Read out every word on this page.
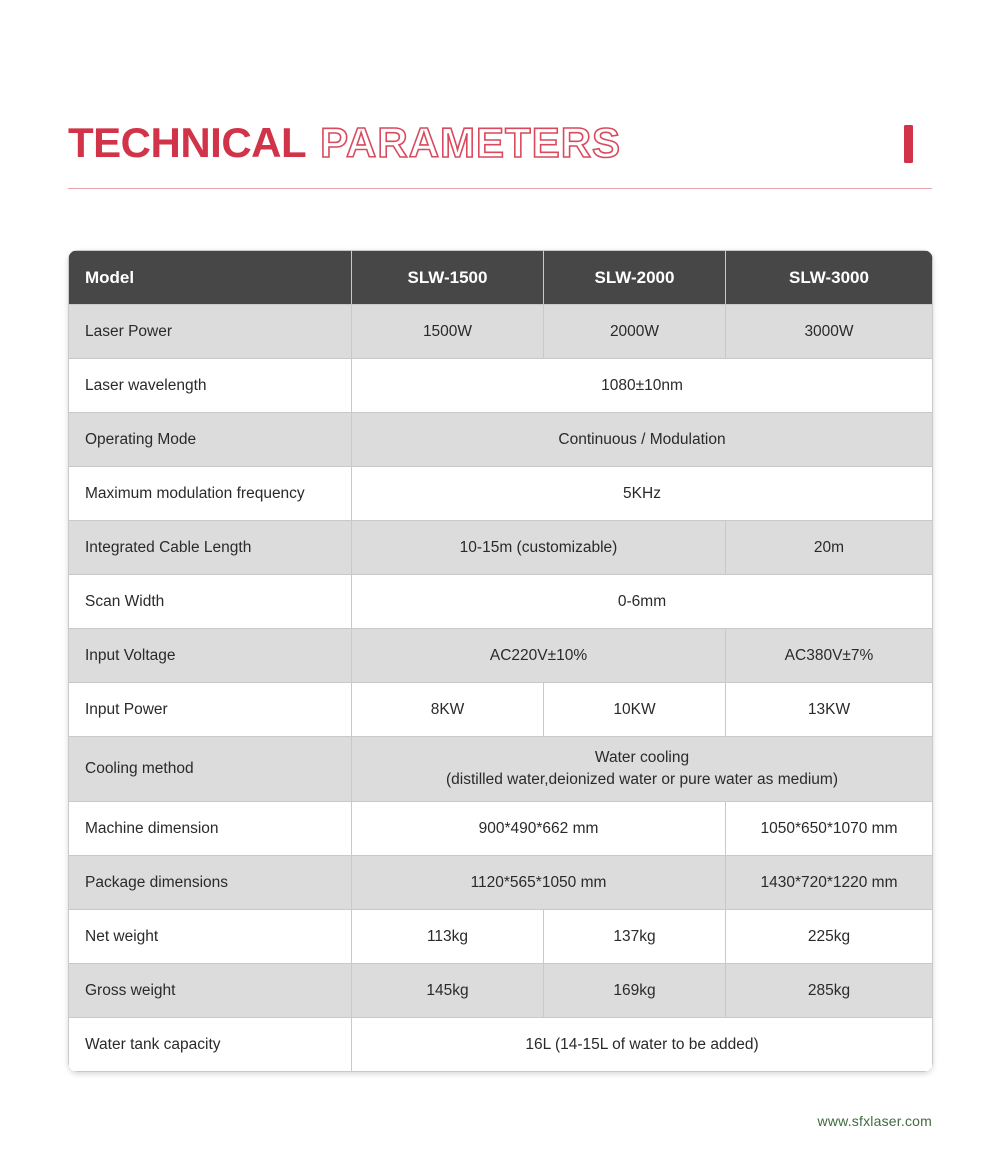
TECHNICAL PARAMETERS
Model	SLW-1500	SLW-2000	SLW-3000
Laser Power	1500W	2000W	3000W
Laser wavelength	1080±10nm		
Operating Mode	Continuous / Modulation		
Maximum modulation frequency	5KHz		
Integrated Cable Length	10-15m (customizable)		20m
Scan Width	0-6mm		
Input Voltage	AC220V±10%		AC380V±7%
Input Power	8KW	10KW	13KW
Cooling method	Water cooling
(distilled water,deionized water or pure water as medium)		

Machine dimension	900*490*662 mm		1050*650*1070 mm
Package dimensions	1120*565*1050 mm		1430*720*1220 mm
Net weight	113kg	137kg	225kg
Gross weight	145kg	169kg	285kg
Water tank capacity	16L (14-15L of water to be added)		
www.sfxlaser.com
